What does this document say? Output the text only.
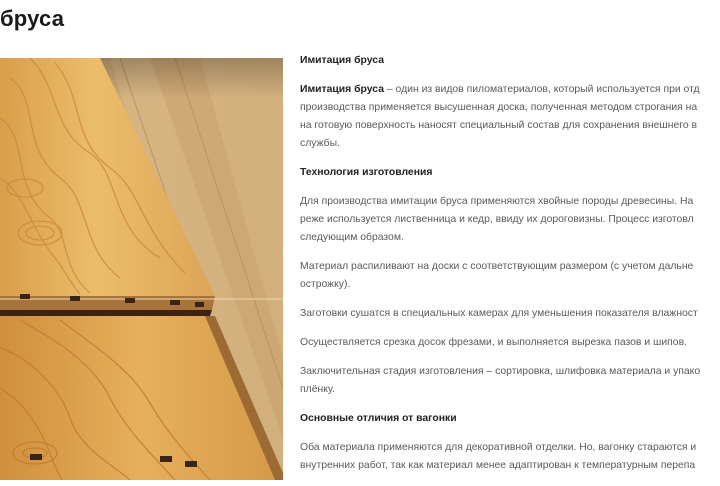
бруса
Имитация бруса

Имитация бруса – один из видов пиломатериалов, который используется при отд
производства применяется высушенная доска, полученная методом строгания на
на готовую поверхность наносят специальный состав для сохранения внешнего в
службы.

Технология изготовления

Для производства имитации бруса применяются хвойные породы древесины. На
реже используется лиственница и кедр, ввиду их дороговизны. Процесс изготовл
следующим образом.

Материал распиливают на доски с соответствующим размером (с учетом дальне
острожку).

Заготовки сушатся в специальных камерах для уменьшения показателя влажност

Осуществляется срезка досок фрезами, и выполняется вырезка пазов и шипов.

Заключительная стадия изготовления – сортировка, шлифовка материала и упако
плёнку.

Основные отличия от вагонки

Оба материала применяются для декоративной отделки. Но, вагонку стараются и
внутренних работ, так как материал менее адаптирован к температурным перепа
